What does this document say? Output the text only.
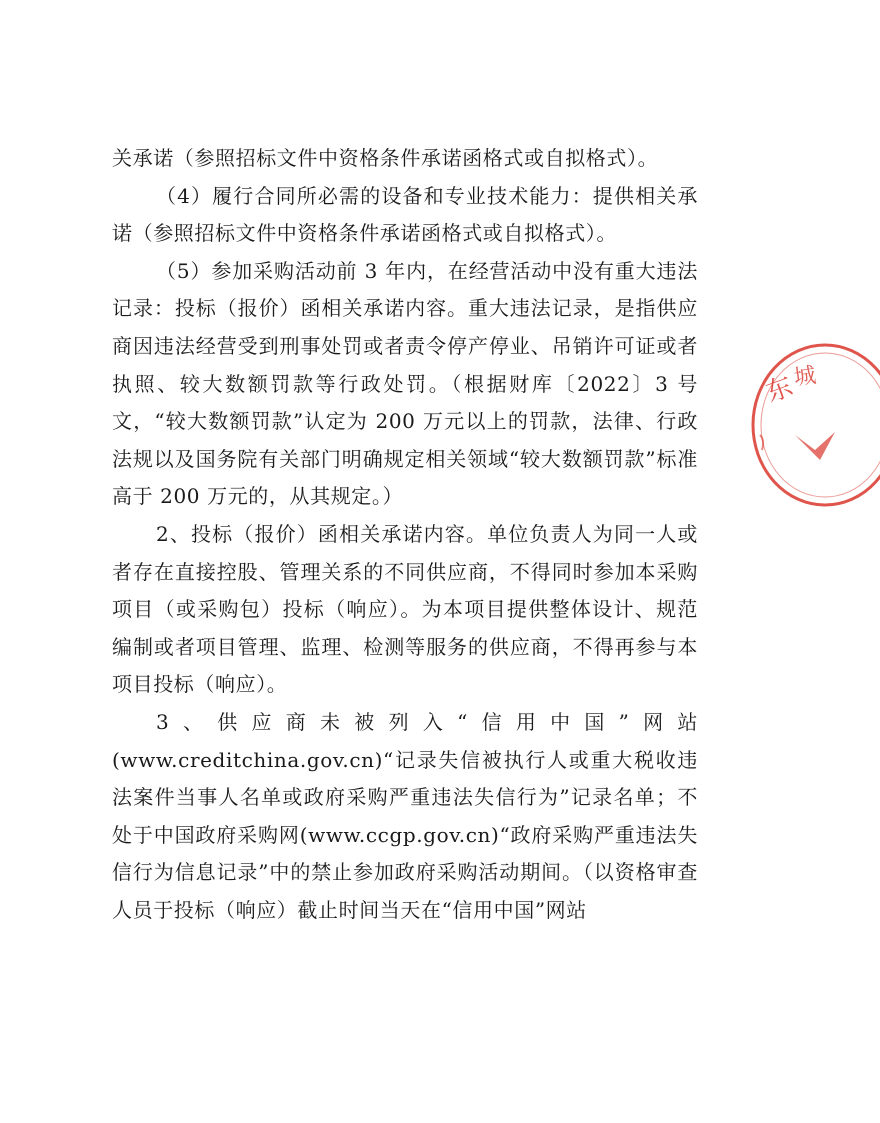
关承诺（参照招标文件中资格条件承诺函格式或自拟格式）。

（4）履行合同所必需的设备和专业技术能力：提供相关承诺（参照招标文件中资格条件承诺函格式或自拟格式）。

（5）参加采购活动前 3 年内，在经营活动中没有重大违法记录：投标（报价）函相关承诺内容。重大违法记录，是指供应商因违法经营受到刑事处罚或者责令停产停业、吊销许可证或者执照、较大数额罚款等行政处罚。（根据财库〔2022〕3 号文，“较大数额罚款”认定为 200 万元以上的罚款，法律、行政法规以及国务院有关部门明确规定相关领域“较大数额罚款”标准高于 200 万元的，从其规定。）

2、投标（报价）函相关承诺内容。单位负责人为同一人或者存在直接控股、管理关系的不同供应商，不得同时参加本采购项目（或采购包）投标（响应）。为本项目提供整体设计、规范编制或者项目管理、监理、检测等服务的供应商，不得再参与本项目投标（响应）。

3、供应商未被列入“信用中国”网站

(www.creditchina.gov.cn)“记录失信被执行人或重大税收违法案件当事人名单或政府采购严重违法失信行为”记录名单；不处于中国政府采购网(www.ccgp.gov.cn)“政府采购严重违法失信行为信息记录”中的禁止参加政府采购活动期间。（以资格审查人员于投标（响应）截止时间当天在“信用中国”网站

东
城
